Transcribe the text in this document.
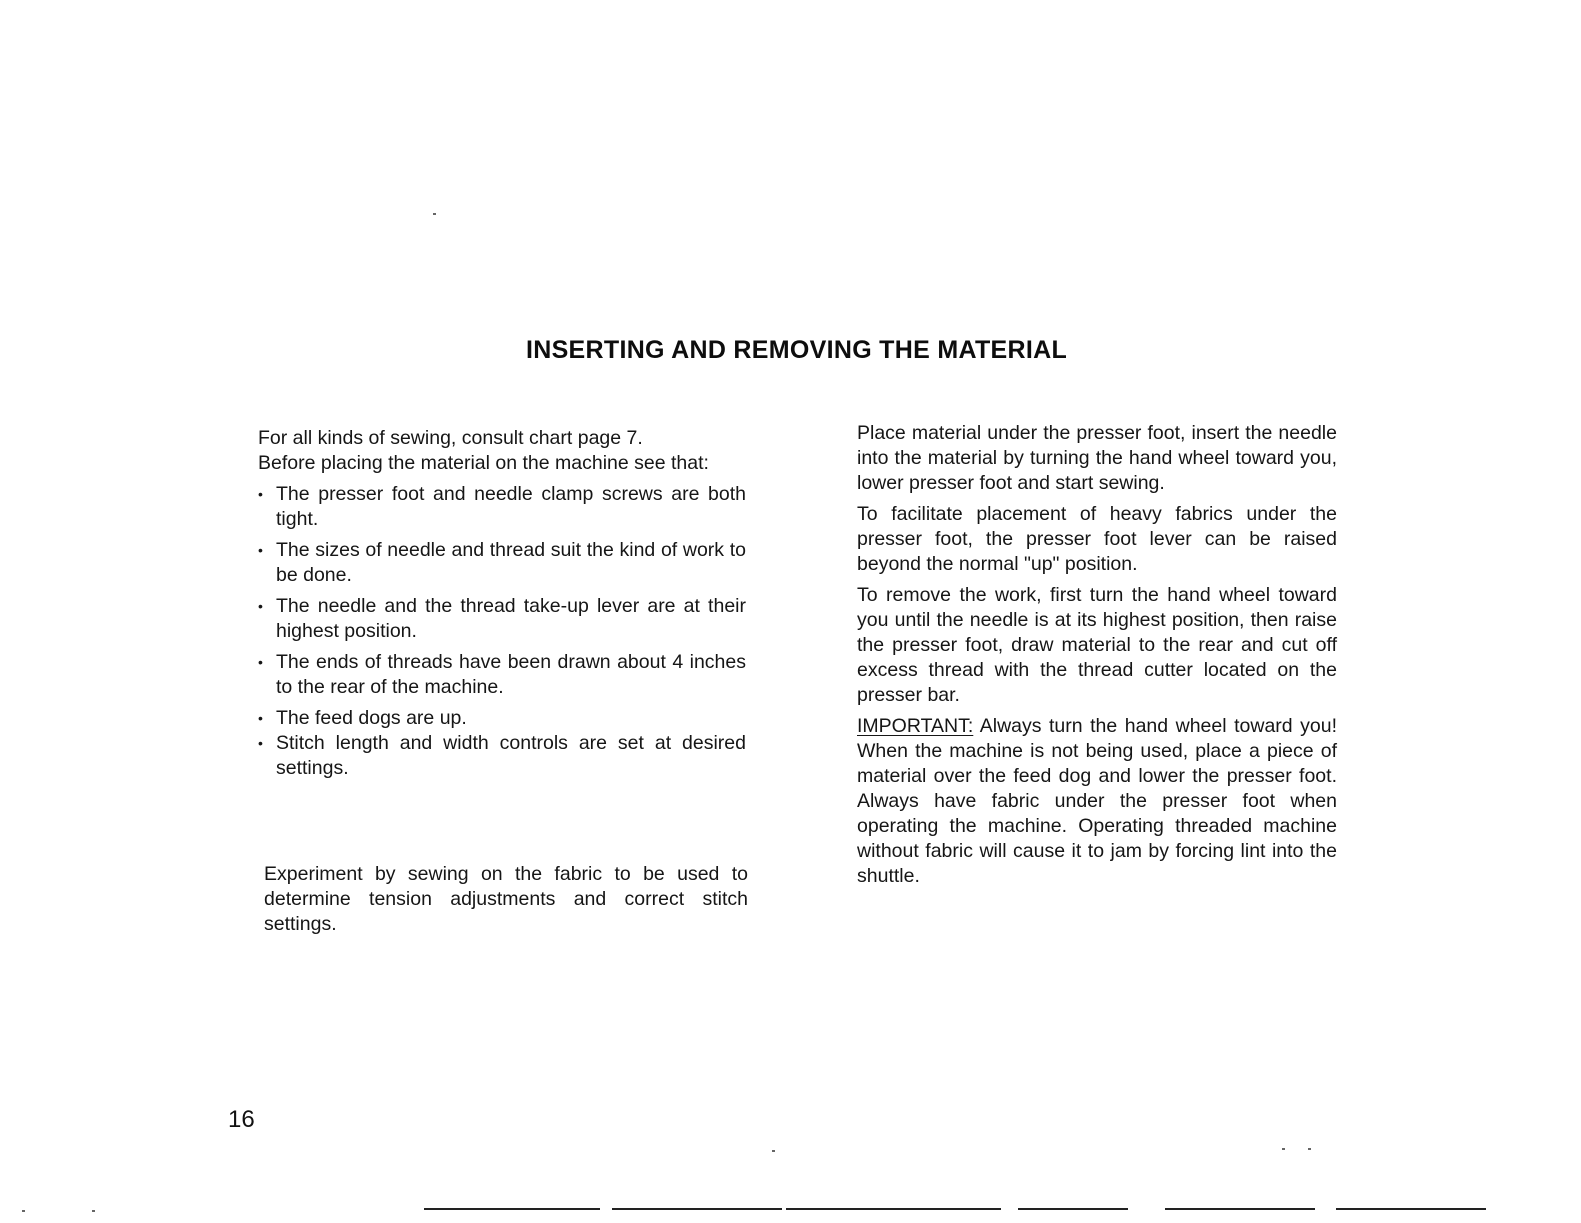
INSERTING AND REMOVING THE MATERIAL

For all kinds of sewing, consult chart page 7.

Before placing the material on the machine see that:

• The presser foot and needle clamp screws are both tight.
• The sizes of needle and thread suit the kind of work to be done.
• The needle and the thread take-up lever are at their highest position.
• The ends of threads have been drawn about 4 inches to the rear of the machine.
• The feed dogs are up.
• Stitch length and width controls are set at desired settings.
Experiment by sewing on the fabric to be used to determine tension adjustments and correct stitch settings.

Place material under the presser foot, insert the needle into the material by turning the hand wheel toward you, lower presser foot and start sewing.

To facilitate placement of heavy fabrics under the presser foot, the presser foot lever can be raised beyond the normal "up" position.

To remove the work, first turn the hand wheel toward you until the needle is at its highest position, then raise the presser foot, draw material to the rear and cut off excess thread with the thread cutter located on the presser bar.

IMPORTANT: Always turn the hand wheel toward you! When the machine is not being used, place a piece of material over the feed dog and lower the presser foot. Always have fabric under the presser foot when operating the machine. Operating threaded machine without fabric will cause it to jam by forcing lint into the shuttle.

16
